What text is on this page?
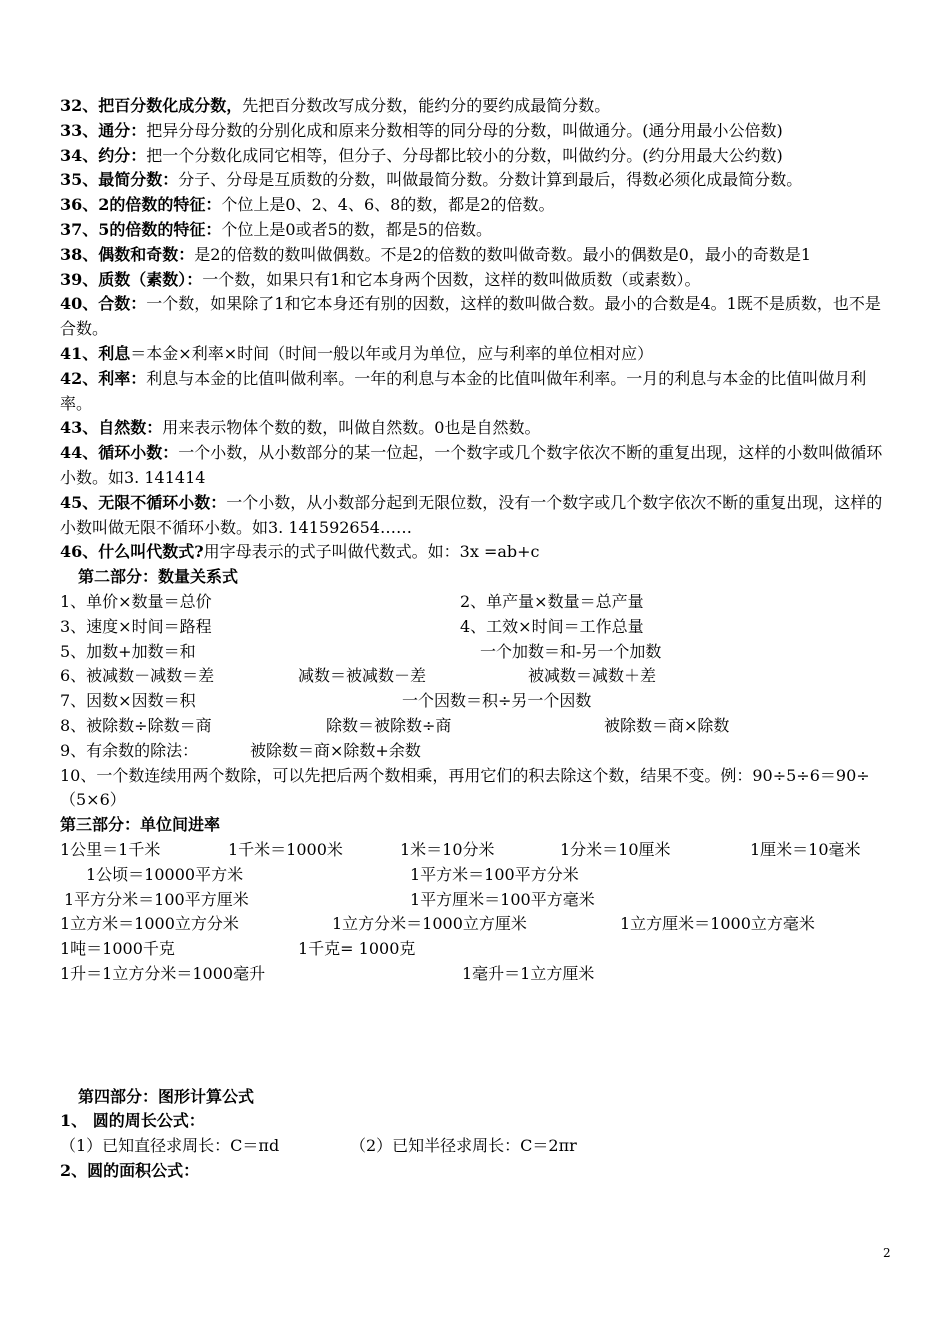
32、把百分数化成分数，先把百分数改写成分数，能约分的要约成最简分数。
33、通分：把异分母分数的分别化成和原来分数相等的同分母的分数，叫做通分。(通分用最小公倍数)
34、约分：把一个分数化成同它相等，但分子、分母都比较小的分数，叫做约分。(约分用最大公约数)
35、最简分数：分子、分母是互质数的分数，叫做最简分数。分数计算到最后，得数必须化成最简分数。
36、2的倍数的特征：个位上是0、2、4、6、8的数，都是2的倍数。
37、5的倍数的特征：个位上是0或者5的数，都是5的倍数。
38、偶数和奇数：是2的倍数的数叫做偶数。不是2的倍数的数叫做奇数。最小的偶数是0，最小的奇数是1
39、质数（素数）：一个数，如果只有1和它本身两个因数，这样的数叫做质数（或素数）。
40、合数：一个数，如果除了1和它本身还有别的因数，这样的数叫做合数。最小的合数是4。1既不是质数，也不是合数。
41、利息＝本金×利率×时间（时间一般以年或月为单位，应与利率的单位相对应）
42、利率：利息与本金的比值叫做利率。一年的利息与本金的比值叫做年利率。一月的利息与本金的比值叫做月利率。
43、自然数：用来表示物体个数的数，叫做自然数。0也是自然数。
44、循环小数：一个小数，从小数部分的某一位起，一个数字或几个数字依次不断的重复出现，这样的小数叫做循环小数。如3. 141414
45、无限不循环小数：一个小数，从小数部分起到无限位数，没有一个数字或几个数字依次不断的重复出现，这样的小数叫做无限不循环小数。如3. 141592654……
46、什么叫代数式?用字母表示的式子叫做代数式。如：3x =ab+c
第二部分：数量关系式
1、单价×数量＝总价	2、单产量×数量＝总产量
3、速度×时间＝路程	4、工效×时间＝工作总量
5、加数+加数＝和	一个加数＝和-另一个加数
6、被减数－减数＝差	减数＝被减数－差	被减数＝减数＋差
7、因数×因数＝积	一个因数＝积÷另一个因数
8、被除数÷除数＝商	除数＝被除数÷商	被除数＝商×除数
9、有余数的除法：	被除数＝商×除数+余数
10、一个数连续用两个数除，可以先把后两个数相乘，再用它们的积去除这个数，结果不变。例：90÷5÷6＝90÷（5×6）
第三部分：单位间进率
1公里＝1千米	1千米＝1000米	1米＝10分米	1分米＝10厘米	1厘米＝10毫米
1公顷＝10000平方米	1平方米＝100平方分米
1平方分米＝100平方厘米	1平方厘米＝100平方毫米
1立方米＝1000立方分米	1立方分米＝1000立方厘米	1立方厘米＝1000立方毫米
1吨＝1000千克	1千克= 1000克
1升＝1立方分米＝1000毫升	1毫升＝1立方厘米
第四部分：图形计算公式
1、 圆的周长公式：
（1）已知直径求周长：C＝πd	（2）已知半径求周长：C＝2πr
2、圆的面积公式：
2
